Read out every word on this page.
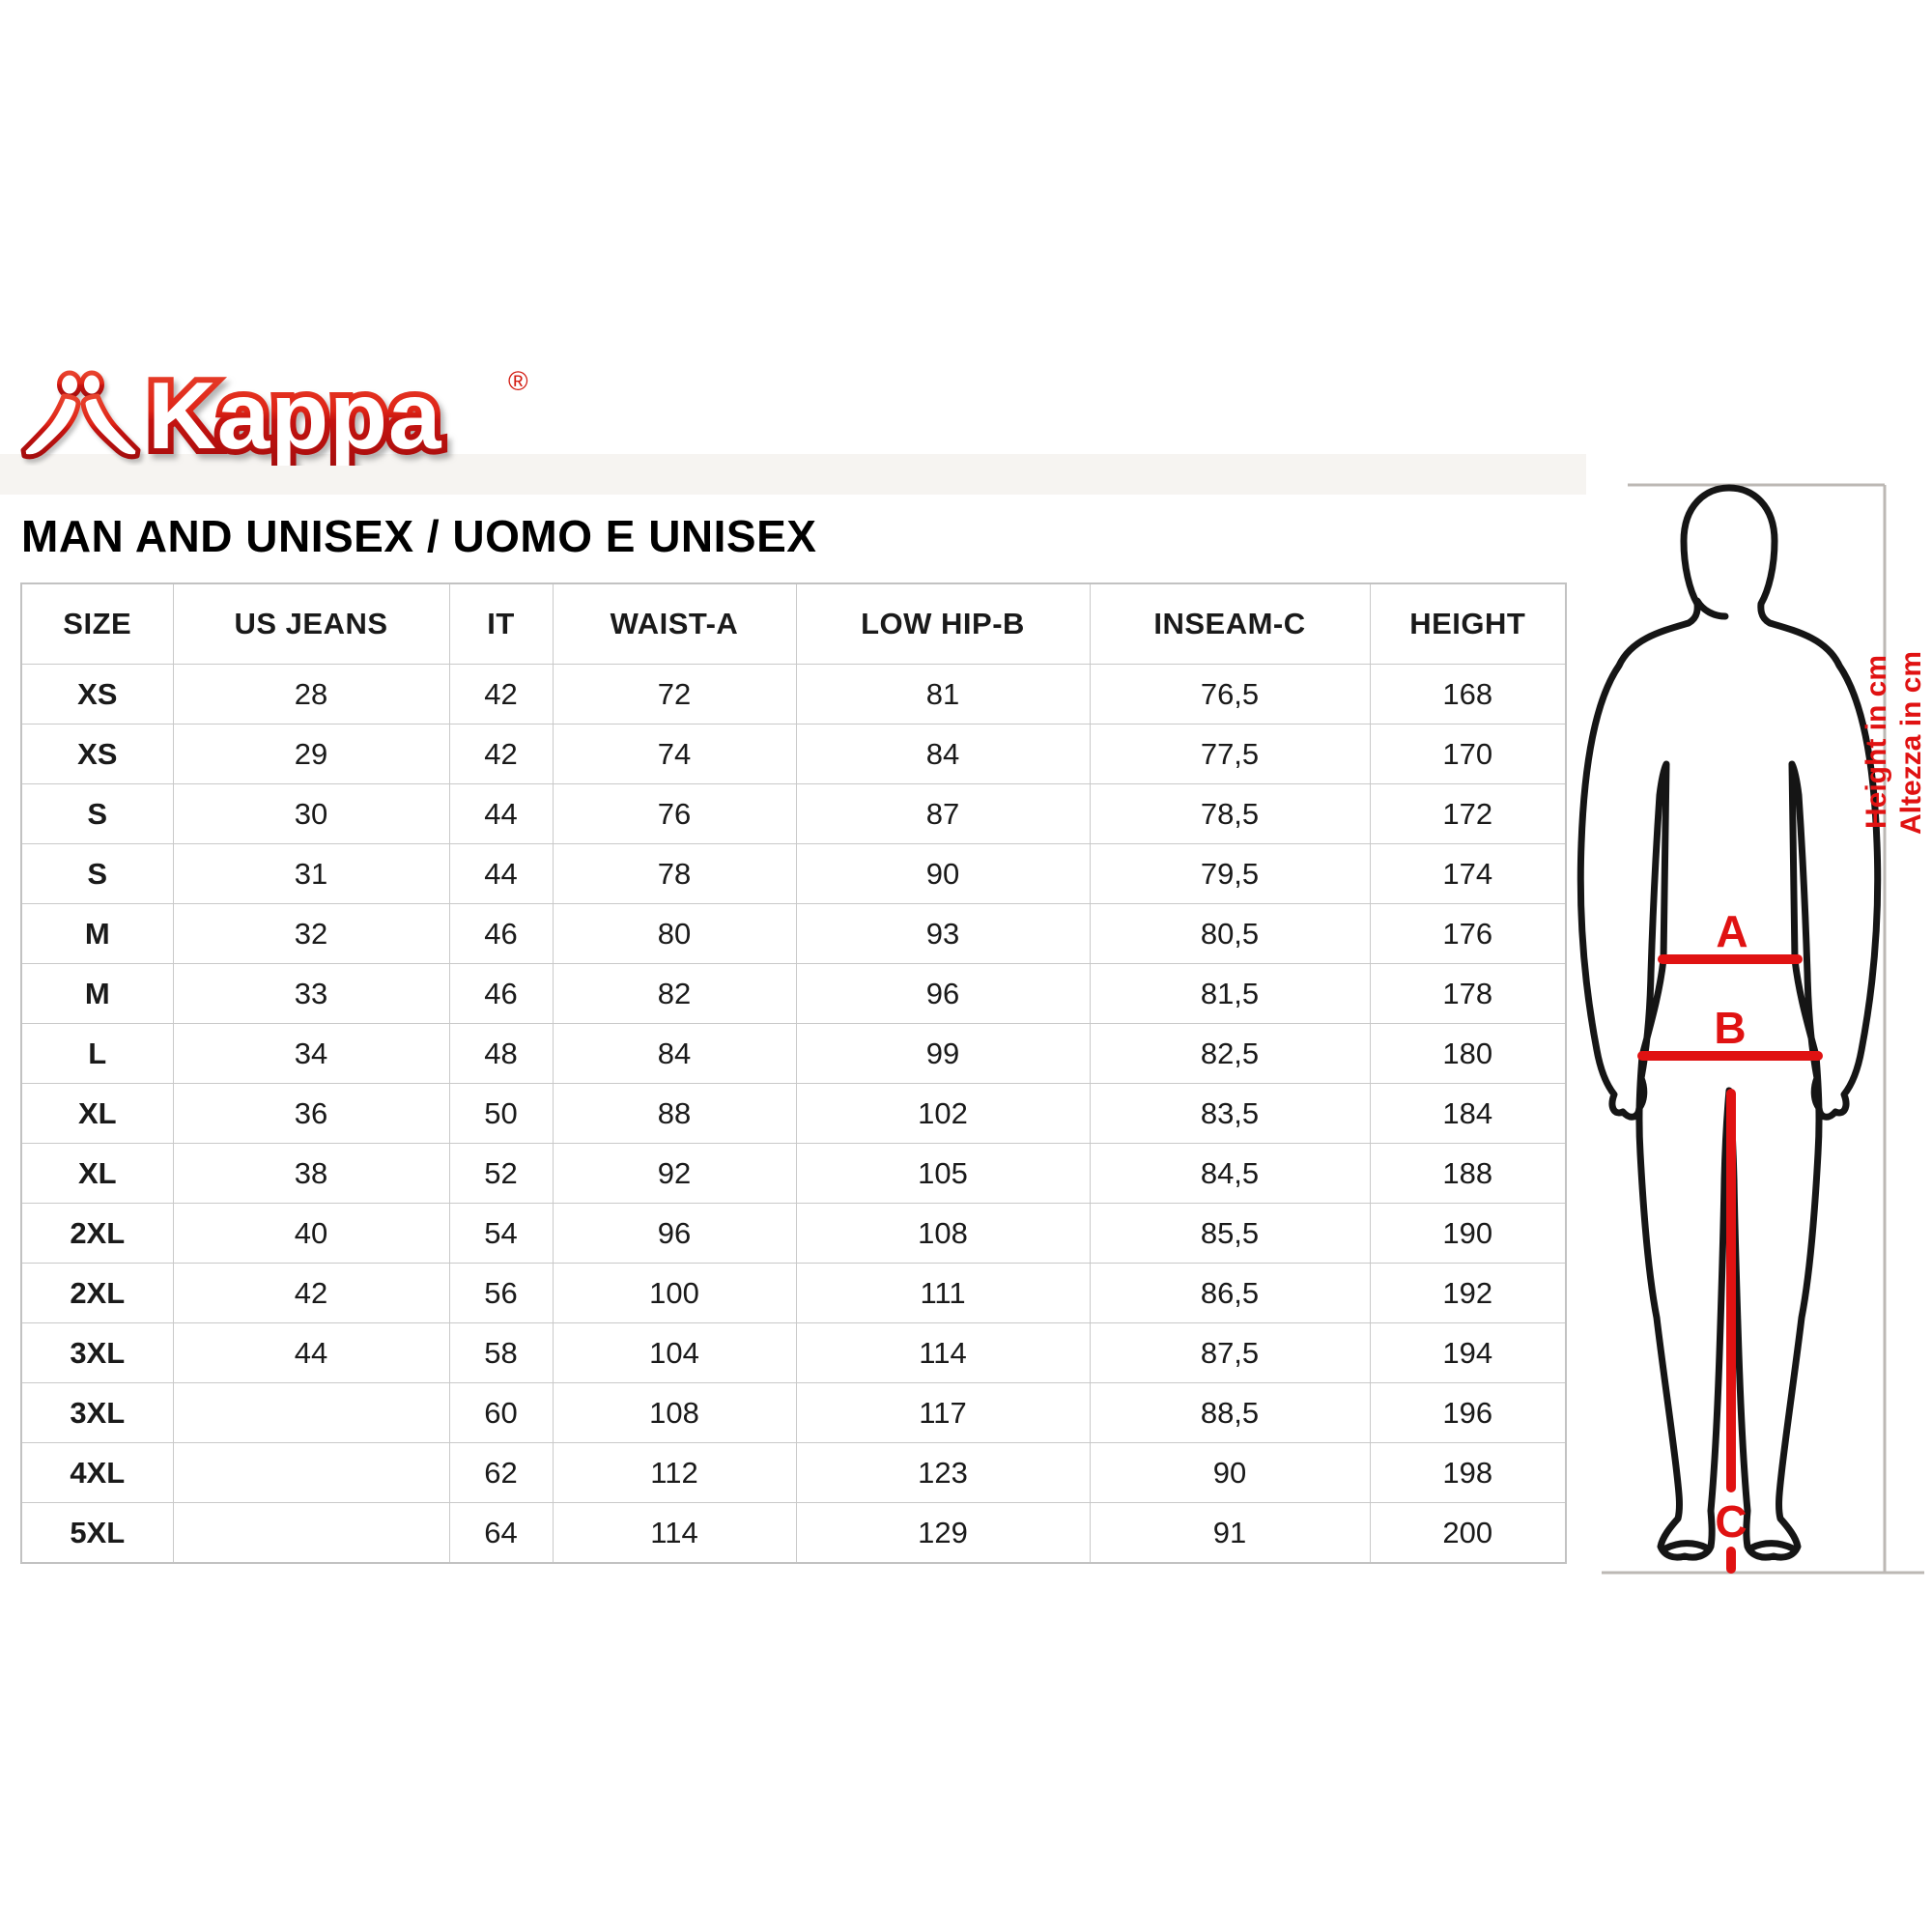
Kappa ®
MAN AND UNISEX / UOMO E UNISEX
SIZE	US JEANS	IT	WAIST-A	LOW HIP-B	INSEAM-C	HEIGHT
XS	28	42	72	81	76,5	168
XS	29	42	74	84	77,5	170
S	30	44	76	87	78,5	172
S	31	44	78	90	79,5	174
M	32	46	80	93	80,5	176
M	33	46	82	96	81,5	178
L	34	48	84	99	82,5	180
XL	36	50	88	102	83,5	184
XL	38	52	92	105	84,5	188
2XL	40	54	96	108	85,5	190
2XL	42	56	100	111	86,5	192
3XL	44	58	104	114	87,5	194
3XL		60	108	117	88,5	196
4XL		62	112	123	90	198
5XL		64	114	129	91	200
A
B
C
Height in cm Altezza in cm
